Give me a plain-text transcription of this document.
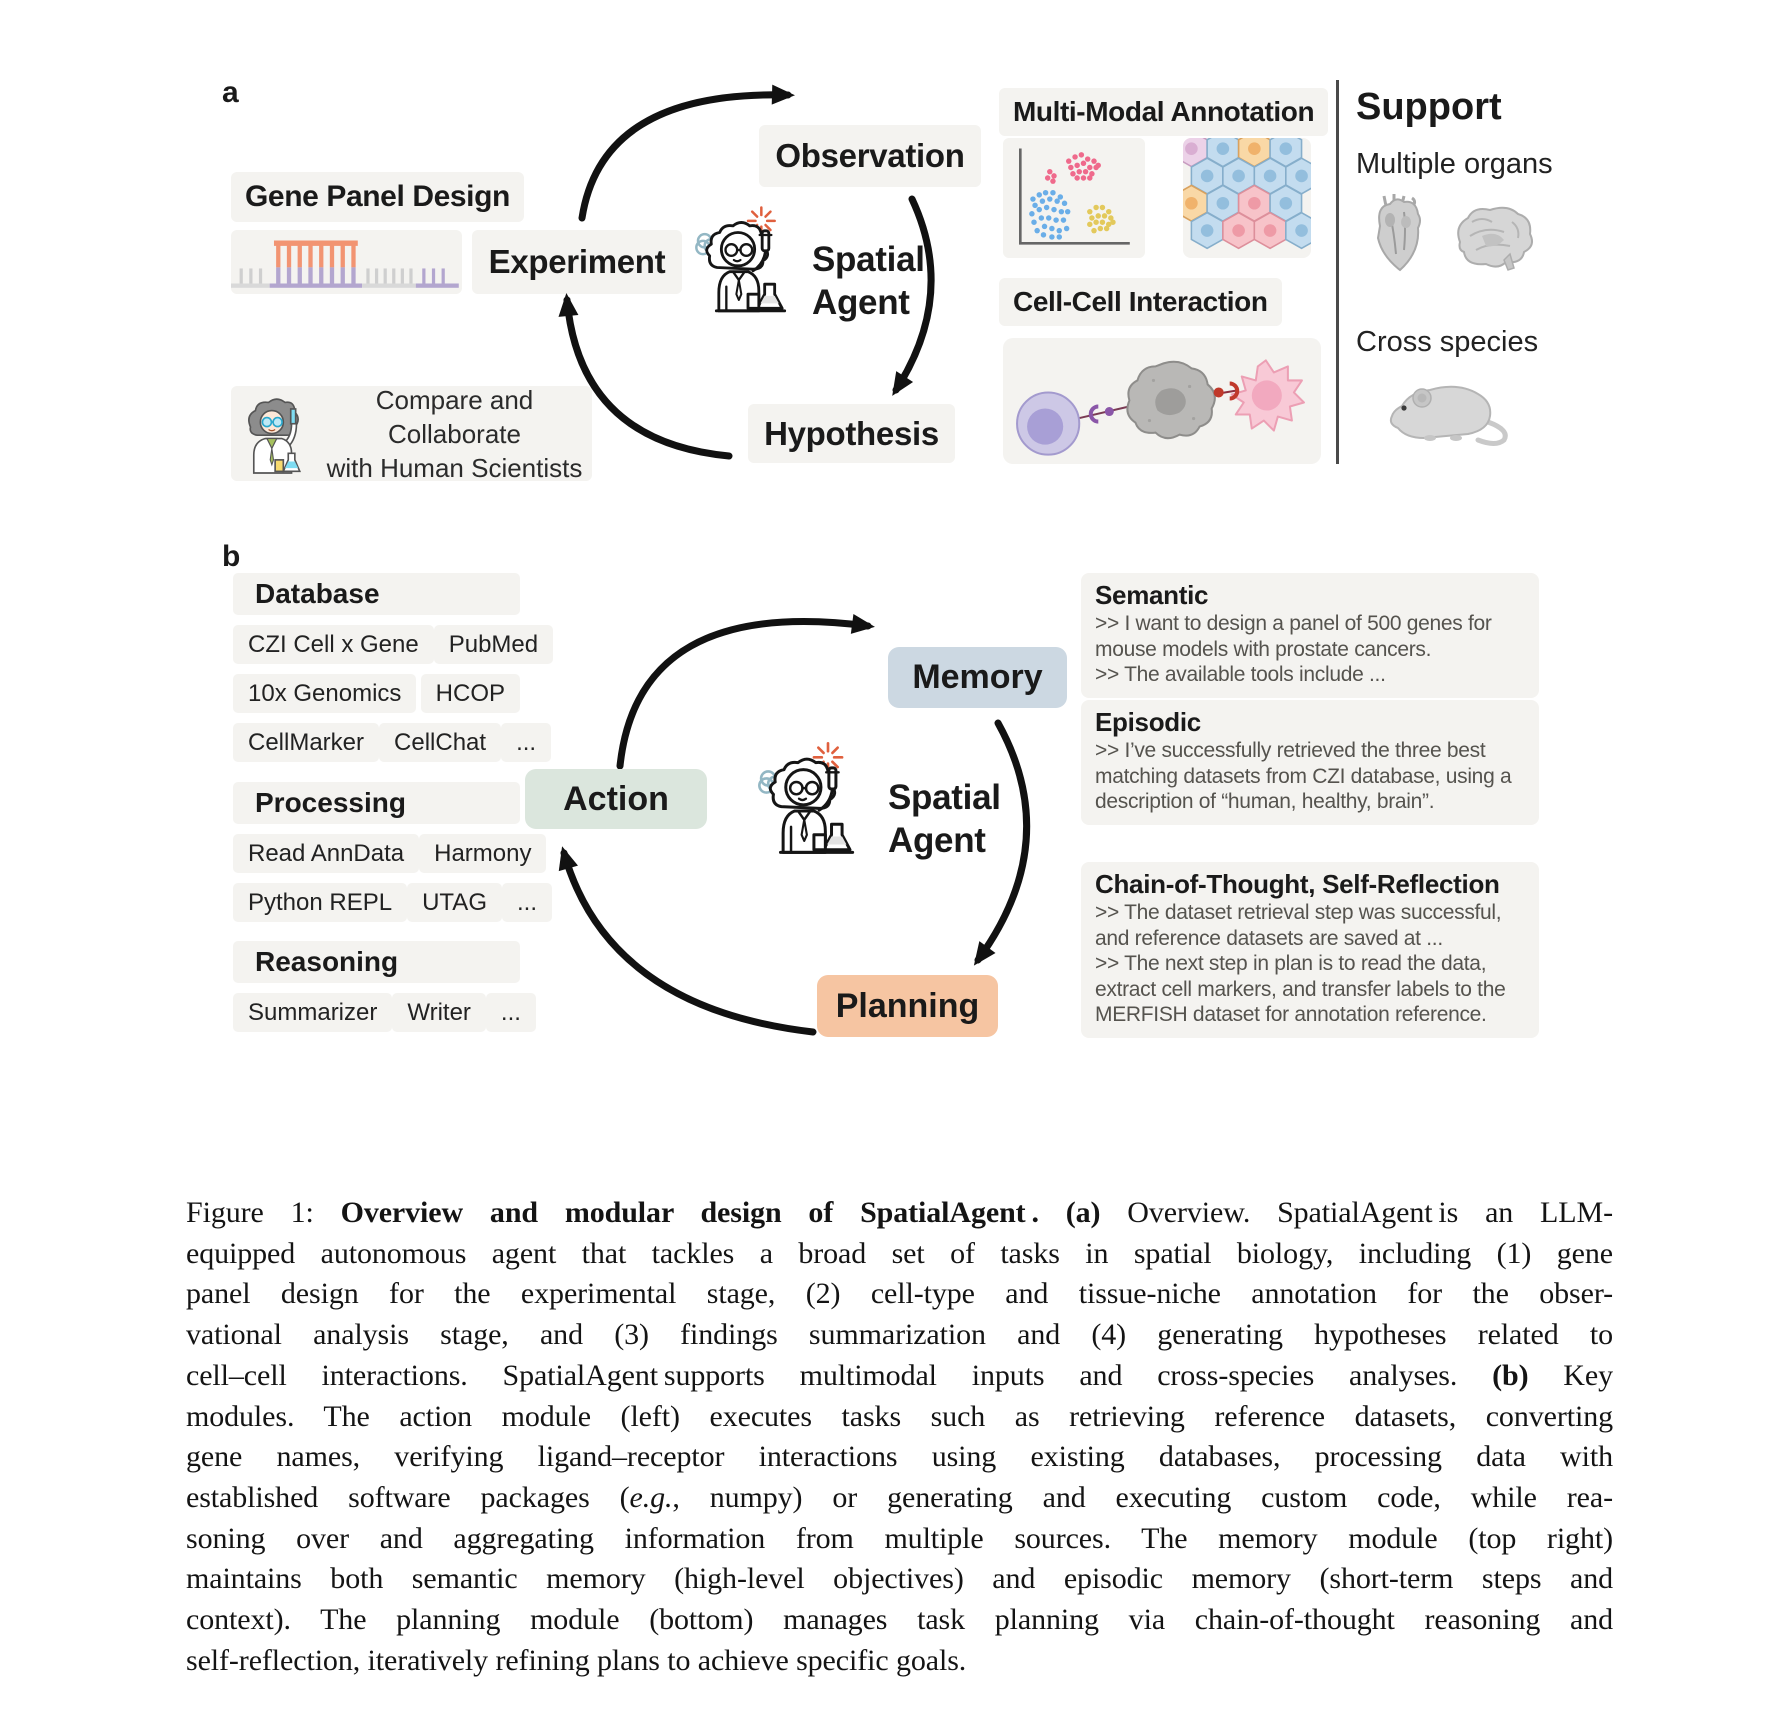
a
Gene Panel Design
Experiment
Observation
Hypothesis
Spatial
Agent
Compare and Collaborate
with Human Scientists
Multi-Modal Annotation
Cell-Cell Interaction
Support
Multiple organs
Cross species
b
Database
CZI Cell x Gene	PubMed
10x Genomics	HCOP
CellMarker	CellChat	...
Processing
Read AnnData	Harmony
Python REPL	UTAG	...
Reasoning
Summarizer	Writer	...
Action
Memory
Planning
Spatial
Agent
Semantic
>> I want to design a panel of 500 genes for
mouse models with prostate cancers.
>> The available tools include ...
Episodic
>> I’ve successfully retrieved the three best
matching datasets from CZI database, using a
description of “human, healthy, brain”.
Chain-of-Thought, Self-Reflection
>> The dataset retrieval step was successful,
and reference datasets are saved at ...
>> The next step in plan is to read the data,
extract cell markers, and transfer labels to the
MERFISH dataset for annotation reference.
Figure 1: Overview and modular design of SpatialAgent . (a) Overview. SpatialAgent is an LLM-
equipped autonomous agent that tackles a broad set of tasks in spatial biology, including (1) gene
panel design for the experimental stage, (2) cell-type and tissue-niche annotation for the obser-
vational analysis stage, and (3) findings summarization and (4) generating hypotheses related to
cell–cell interactions. SpatialAgent supports multimodal inputs and cross-species analyses. (b) Key
modules. The action module (left) executes tasks such as retrieving reference datasets, converting
gene names, verifying ligand–receptor interactions using existing databases, processing data with
established software packages (e.g., numpy) or generating and executing custom code, while rea-
soning over and aggregating information from multiple sources. The memory module (top right)
maintains both semantic memory (high-level objectives) and episodic memory (short-term steps and
context). The planning module (bottom) manages task planning via chain-of-thought reasoning and
self-reflection, iteratively refining plans to achieve specific goals.
